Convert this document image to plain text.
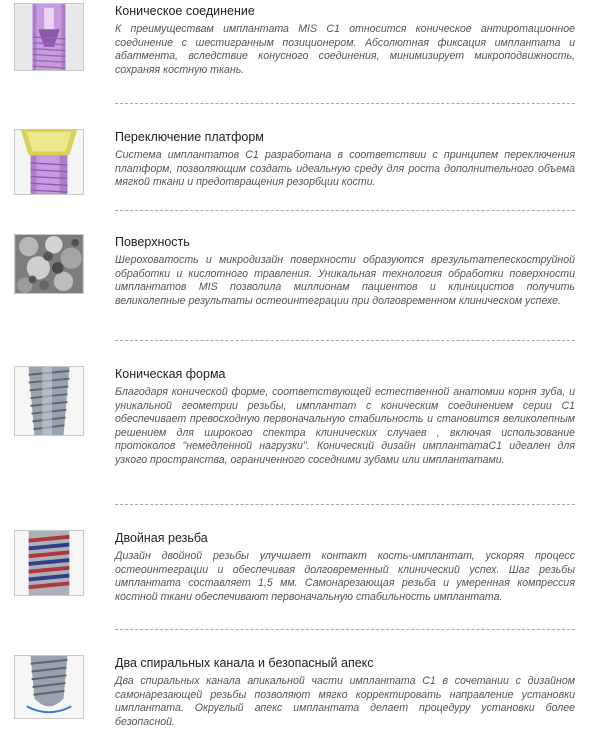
Коническое соединение
К преимуществам имплантата MIS C1 относится коническое антиротационное соединение с шестигранным позиционером. Абсолютная фиксация имплантата и абатмента, вследствие конусного соединения, минимизирует микроподвижность, сохраняя костную ткань.
Переключение платформ
Система имплантатов C1 разработана в соответствии с принципем переключения платформ, позволяющим создать идеальную среду для роста дополнительного объема мягкой ткани и предотвращения резорбции кости.
Поверхность
Шероховатость и микродизайн поверхности образуются врезультатепескоструйной обработки и кислотного травления. Уникальная технология обработки поверхности имплантатов MIS позволила миллионам пациентов и клиницистов получить великолепные результаты остеоинтеграции при долговременном клиническом успехе.
Коническая форма
Благодаря конической форме, соответствующей естественной анатомии корня зуба, и уникальной геометрии резьбы, имплантат с коническим соединением серии C1 обеспечивает превосходную первоначальную стабильность и становится великолепным решением для широкого спектра клинических случаев , включая использование протоколов "немедленной нагрузки". Конический дизайн имплантатаC1 идеален для узкого пространства, ограниченного соседними зубами или имплантатами.
Двойная резьба
Дизайн двойной резьбы улучшает контакт кость-имплантат, ускоряя процесс остеоинтеграции и обеспечивая долговременный клинический успех. Шаг резьбы имплантата составляет 1,5 мм. Самонарезающая резьба и умеренная компрессия костной ткани обеспечивают первоначальную стабильность имплантата.
Два спиральных канала и безопасный апекс
Два спиральных канала апикальной части имплантата C1 в сочетании с дизайном самонарезающей резьбы позволяют мягко корректировать направление установки имплантата. Округлый апекс имплантата делает процедуру установки более безопасной.
